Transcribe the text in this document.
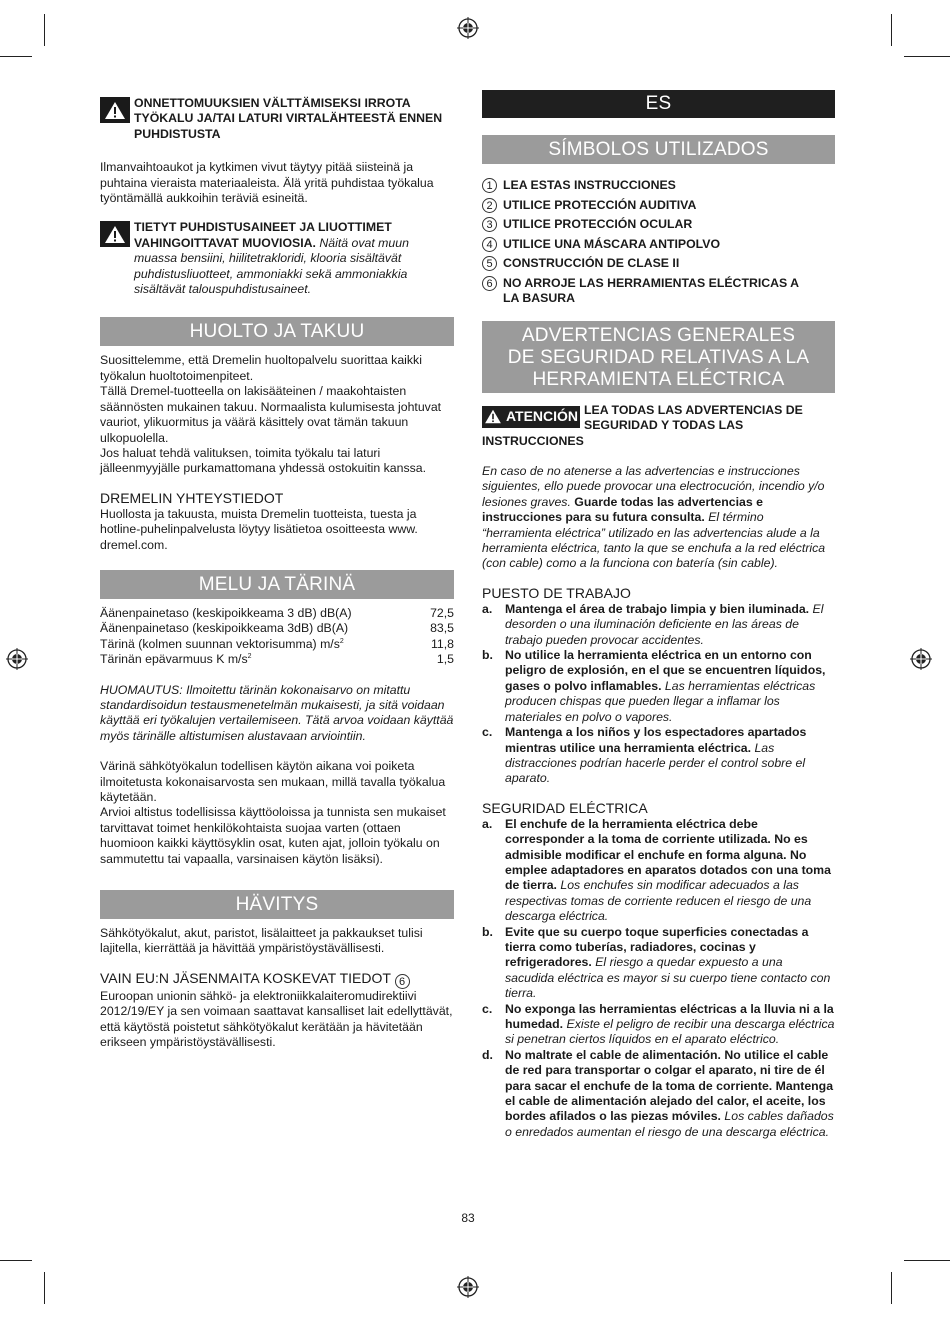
ONNETTOMUUKSIEN VÄLTTÄMISEKSI IRROTA TYÖKALU JA/TAI LATURI VIRTALÄHTEESTÄ ENNEN PUHDISTUSTA

Ilmanvaihtoaukot ja kytkimen vivut täytyy pitää siisteinä ja puhtaina vieraista materiaaleista. Älä yritä puhdistaa työkalua työntämällä aukkoihin teräviä esineitä.

TIETYT PUHDISTUSAINEET JA LIUOTTIMET VAHINGOITTAVAT MUOVIOSIA. Näitä ovat muun muassa bensiini, hiilitetrakloridi, klooria sisältävät puhdistusliuotteet, ammoniakki sekä ammoniakkia sisältävät talouspuhdistusaineet.
HUOLTO JA TAKUU

Suosittelemme, että Dremelin huoltopalvelu suorittaa kaikki työkalun huoltotoimenpiteet.

Tällä Dremel-tuotteella on lakisääteinen / maakohtaisten säännösten mukainen takuu. Normaalista kulumisesta johtuvat vauriot, ylikuormitus ja väärä käsittely ovat tämän takuun ulkopuolella.

Jos haluat tehdä valituksen, toimita työkalu tai laturi jälleenmyyjälle purkamattomana yhdessä ostokuitin kanssa.

DREMELIN YHTEYSTIEDOT

Huollosta ja takuusta, muista Dremelin tuotteista, tuesta ja hotline-puhelinpalvelusta löytyy lisätietoa osoitteesta www. dremel.com.

MELU JA TÄRINÄ
Äänenpainetaso (keskipoikkeama 3 dB) dB(A)	72,5
Äänenpainetaso (keskipoikkeama 3dB) dB(A)	83,5
Tärinä (kolmen suunnan vektorisumma) $m/s^2$	11,8
Tärinän epävarmuus K $m/s^2$	1,5

HUOMAUTUS: Ilmoitettu tärinän kokonaisarvo on mitattu standardisoidun testausmenetelmän mukaisesti, ja sitä voidaan käyttää eri työkalujen vertailemiseen. Tätä arvoa voidaan käyttää myös tärinälle altistumisen alustavaan arviointiin.

Värinä sähkötyökalun todellisen käytön aikana voi poiketa ilmoitetusta kokonaisarvosta sen mukaan, millä tavalla työkalua käytetään.

Arvioi altistus todellisissa käyttöoloissa ja tunnista sen mukaiset tarvittavat toimet henkilökohtaista suojaa varten (ottaen huomioon kaikki käyttösyklin osat, kuten ajat, jolloin työkalu on sammutettu tai vapaalla, varsinaisen käytön lisäksi).

HÄVITYS

Sähkötyökalut, akut, paristot, lisälaitteet ja pakkaukset tulisi lajitella, kierrättää ja hävittää ympäristöystävällisesti.

VAIN EU:N JÄSENMAITA KOSKEVAT TIEDOT 6

Euroopan unionin sähkö- ja elektroniikkalaiteromudirektiivi 2012/19/EY ja sen voimaan saattavat kansalliset lait edellyttävät, että käytöstä poistetut sähkötyökalut kerätään ja hävitetään erikseen ympäristöystävällisesti.

ES
SÍMBOLOS UTILIZADOS
1 LEA ESTAS INSTRUCCIONES
2 UTILICE PROTECCIÓN AUDITIVA
3 UTILICE PROTECCIÓN OCULAR
4 UTILICE UNA MÁSCARA ANTIPOLVO
5 CONSTRUCCIÓN DE CLASE II
6 NO ARROJE LAS HERRAMIENTAS ELÉCTRICAS A LA BASURA
ADVERTENCIAS GENERALES
DE SEGURIDAD RELATIVAS A LA
HERRAMIENTA ELÉCTRICA
ATENCIÓN LEA TODAS LAS ADVERTENCIAS DE SEGURIDAD Y TODAS LAS
INSTRUCCIONES

En caso de no atenerse a las advertencias e instrucciones siguientes, ello puede provocar una electrocución, incendio y/o lesiones graves. Guarde todas las advertencias e instrucciones para su futura consulta. El término “herramienta eléctrica” utilizado en las advertencias alude a la herramienta eléctrica, tanto la que se enchufa a la red eléctrica (con cable) como a la funciona con batería (sin cable).

PUESTO DE TRABAJO

a.	Mantenga el área de trabajo limpia y bien iluminada. El desorden o una iluminación deficiente en las áreas de trabajo pueden provocar accidentes.
b. No utilice la herramienta eléctrica en un entorno con peligro de explosión, en el que se encuentren líquidos, gases o polvo inflamables. Las herramientas eléctricas producen chispas que pueden llegar a inflamar los materiales en polvo o vapores.
c.	Mantenga a los niños y los espectadores apartados mientras utilice una herramienta eléctrica. Las distracciones podrían hacerle perder el control sobre el aparato.

SEGURIDAD ELÉCTRICA

a.	El enchufe de la herramienta eléctrica debe corresponder a la toma de corriente utilizada. No es admisible modificar el enchufe en forma alguna. No emplee adaptadores en aparatos dotados con una toma de tierra. Los enchufes sin modificar adecuados a las respectivas tomas de corriente reducen el riesgo de una descarga eléctrica.
b. Evite que su cuerpo toque superficies conectadas a tierra como tuberías, radiadores, cocinas y refrigeradores. El riesgo a quedar expuesto a una sacudida eléctrica es mayor si su cuerpo tiene contacto con tierra.
c.	No exponga las herramientas eléctricas a la lluvia ni a la humedad. Existe el peligro de recibir una descarga eléctrica si penetran ciertos líquidos en el aparato eléctrico.
d. No maltrate el cable de alimentación. No utilice el cable de red para transportar o colgar el aparato, ni tire de él para sacar el enchufe de la toma de corriente. Mantenga el cable de alimentación alejado del calor, el aceite, los bordes afilados o las piezas móviles. Los cables dañados o enredados aumentan el riesgo de una descarga eléctrica.
83
